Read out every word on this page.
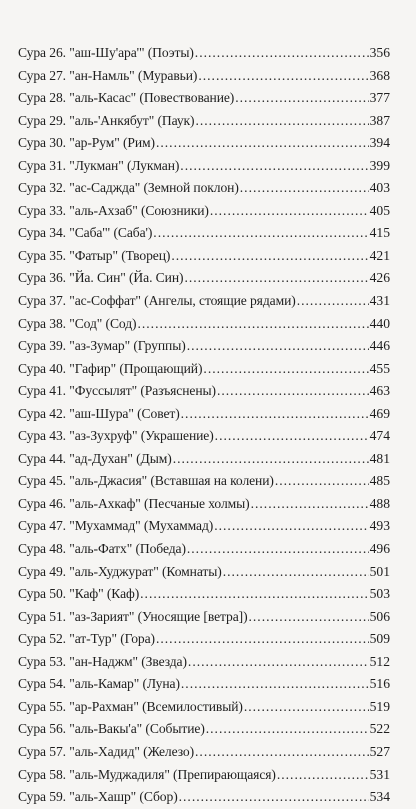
Сура 26. "аш-Шу'ара'" (Поэты) .....	356
Сура 27. "ан-Намль" (Муравьи) .....	368
Сура 28. "аль-Касас" (Повествование) .....	377
Сура 29. "аль-'Анкябут" (Паук) .....	387
Сура 30. "ар-Рум" (Рим) .....	394
Сура 31. "Лукман" (Лукман) .....	399
Сура 32. "ас-Саджда" (Земной поклон) .....	403
Сура 33. "аль-Ахзаб" (Союзники) .....	405
Сура 34. "Саба'" (Саба') .....	415
Сура 35. "Фатыр" (Творец) .....	421
Сура 36. "Йа. Син" (Йа. Син) .....	426
Сура 37. "ас-Соффат" (Ангелы, стоящие рядами) .....	431
Сура 38. "Сод" (Сод) .....	440
Сура 39. "аз-Зумар" (Группы) .....	446
Сура 40. "Гафир" (Прощающий) .....	455
Сура 41. "Фуссылят" (Разъяснены) .....	463
Сура 42. "аш-Шура" (Совет) .....	469
Сура 43. "аз-Зухруф" (Украшение) .....	474
Сура 44. "ад-Духан" (Дым) .....	481
Сура 45. "аль-Джасия" (Вставшая на колени) .....	485
Сура 46. "аль-Ахкаф" (Песчаные холмы) .....	488
Сура 47. "Мухаммад" (Мухаммад) .....	493
Сура 48. "аль-Фатх" (Победа) .....	496
Сура 49. "аль-Худжурат" (Комнаты) .....	501
Сура 50. "Каф" (Каф) .....	503
Сура 51. "аз-Зарият" (Уносящие [ветра]) .....	506
Сура 52. "ат-Тур" (Гора) .....	509
Сура 53. "ан-Наджм" (Звезда) .....	512
Сура 54. "аль-Камар" (Луна) .....	516
Сура 55. "ар-Рахман" (Всемилостивый) .....	519
Сура 56. "аль-Вакы'а" (Событие) .....	522
Сура 57. "аль-Хадид" (Железо) .....	527
Сура 58. "аль-Муджадиля" (Препирающаяся) .....	531
Сура 59. "аль-Хашр" (Сбор) .....	534
